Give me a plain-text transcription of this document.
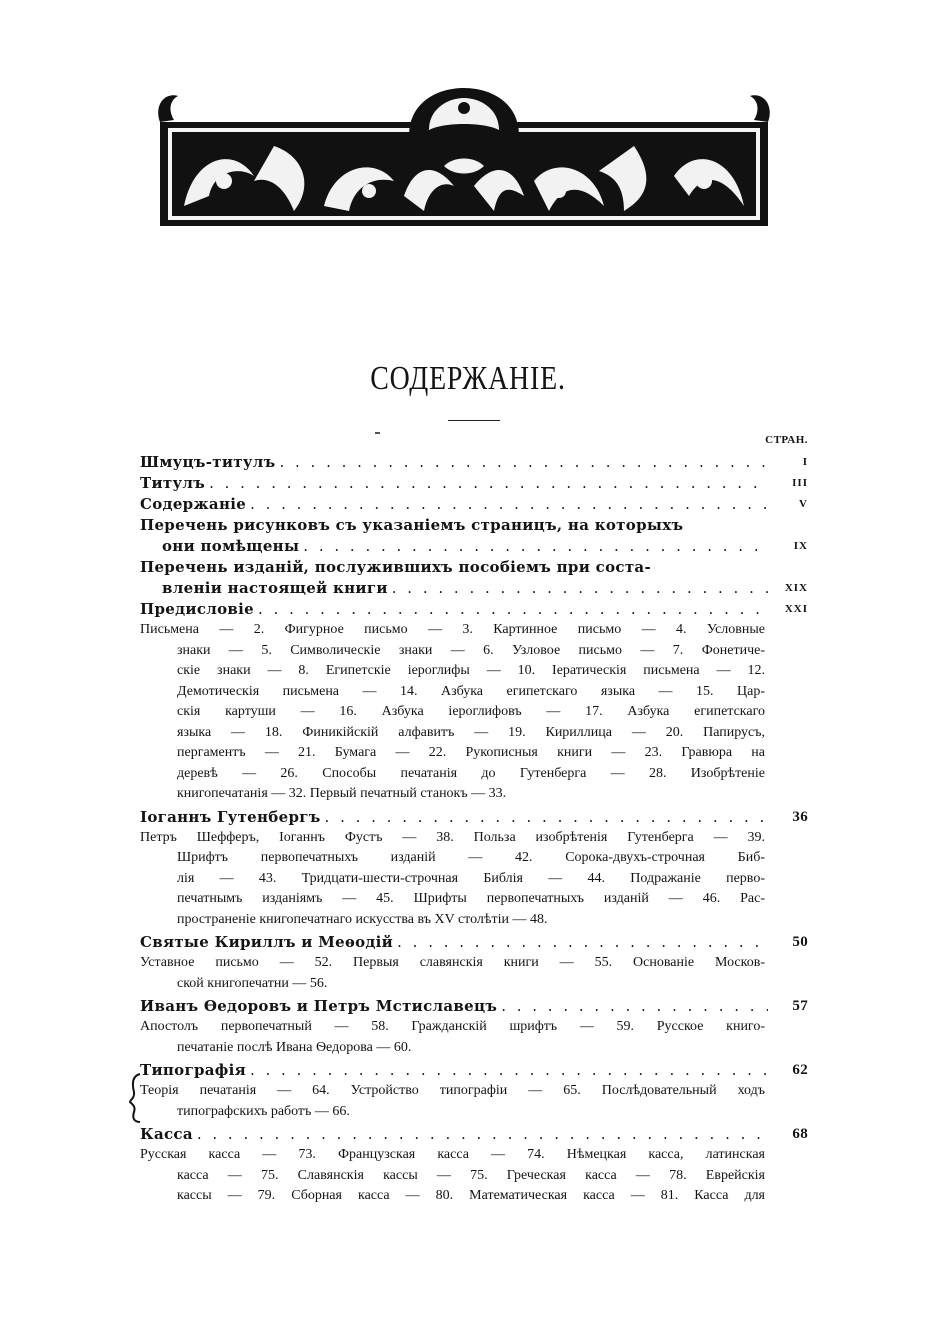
СОДЕРЖАНІЕ.
СТРАН.
Шмуцъ-титулъ . . .	I
Титулъ . . .	III
Содержаніе . . .	V
Перечень рисунковъ съ указаніемъ страницъ, на которыхъ
они помѣщены . . .	IX
Перечень изданій, послужившихъ пособіемъ при соста-
вленіи настоящей книги . . .	XIX
Предисловіе . . .	XXI
Письмена — 2. Фигурное письмо — 3. Картинное письмо — 4. Условные
знаки — 5. Символическіе знаки — 6. Узловое письмо — 7. Фонетиче-
скіе знаки — 8. Египетскіе іероглифы — 10. Іератическія письмена — 12.
Демотическія письмена — 14. Азбука египетскаго языка — 15. Цар-
скія картуши — 16. Азбука іероглифовъ — 17. Азбука египетскаго
языка — 18. Финикійскій алфавитъ — 19. Кириллица — 20. Папирусъ,
пергаментъ — 21. Бумага — 22. Рукописныя книги — 23. Гравюра на
деревѣ — 26. Способы печатанія до Гутенберга — 28. Изобрѣтеніе
книгопечатанія — 32. Первый печатный станокъ — 33.
Іоганнъ Гутенбергъ . . .	36
Петръ Шефферъ, Іоганнъ Фустъ — 38. Польза изобрѣтенія Гутенберга — 39.
Шрифтъ первопечатныхъ изданій — 42. Сорока-двухъ-строчная Биб-
лія — 43. Тридцати-шести-строчная Библія — 44. Подражаніе перво-
печатнымъ изданіямъ — 45. Шрифты первопечатныхъ изданій — 46. Рас-
пространеніе книгопечатнаго искусства въ XV столѣтіи — 48.
Святые Кириллъ и Меѳодій . . .	50
Уставное письмо — 52. Первыя славянскія книги — 55. Основаніе Москов-
ской книгопечатни — 56.
Иванъ Ѳедоровъ и Петръ Мстиславецъ . . .	57
Апостолъ первопечатный — 58. Гражданскій шрифтъ — 59. Русское книго-
печатаніе послѣ Ивана Ѳедорова — 60.
Типографія . . .	62
Теорія печатанія — 64. Устройство типографіи — 65. Послѣдовательный ходъ
типографскихъ работъ — 66.
Касса . . .	68
Русская касса — 73. Французская касса — 74. Нѣмецкая касса, латинская
касса — 75. Славянскія кассы — 75. Греческая касса — 78. Еврейскія
кассы — 79. Сборная касса — 80. Математическая касса — 81. Касса для
